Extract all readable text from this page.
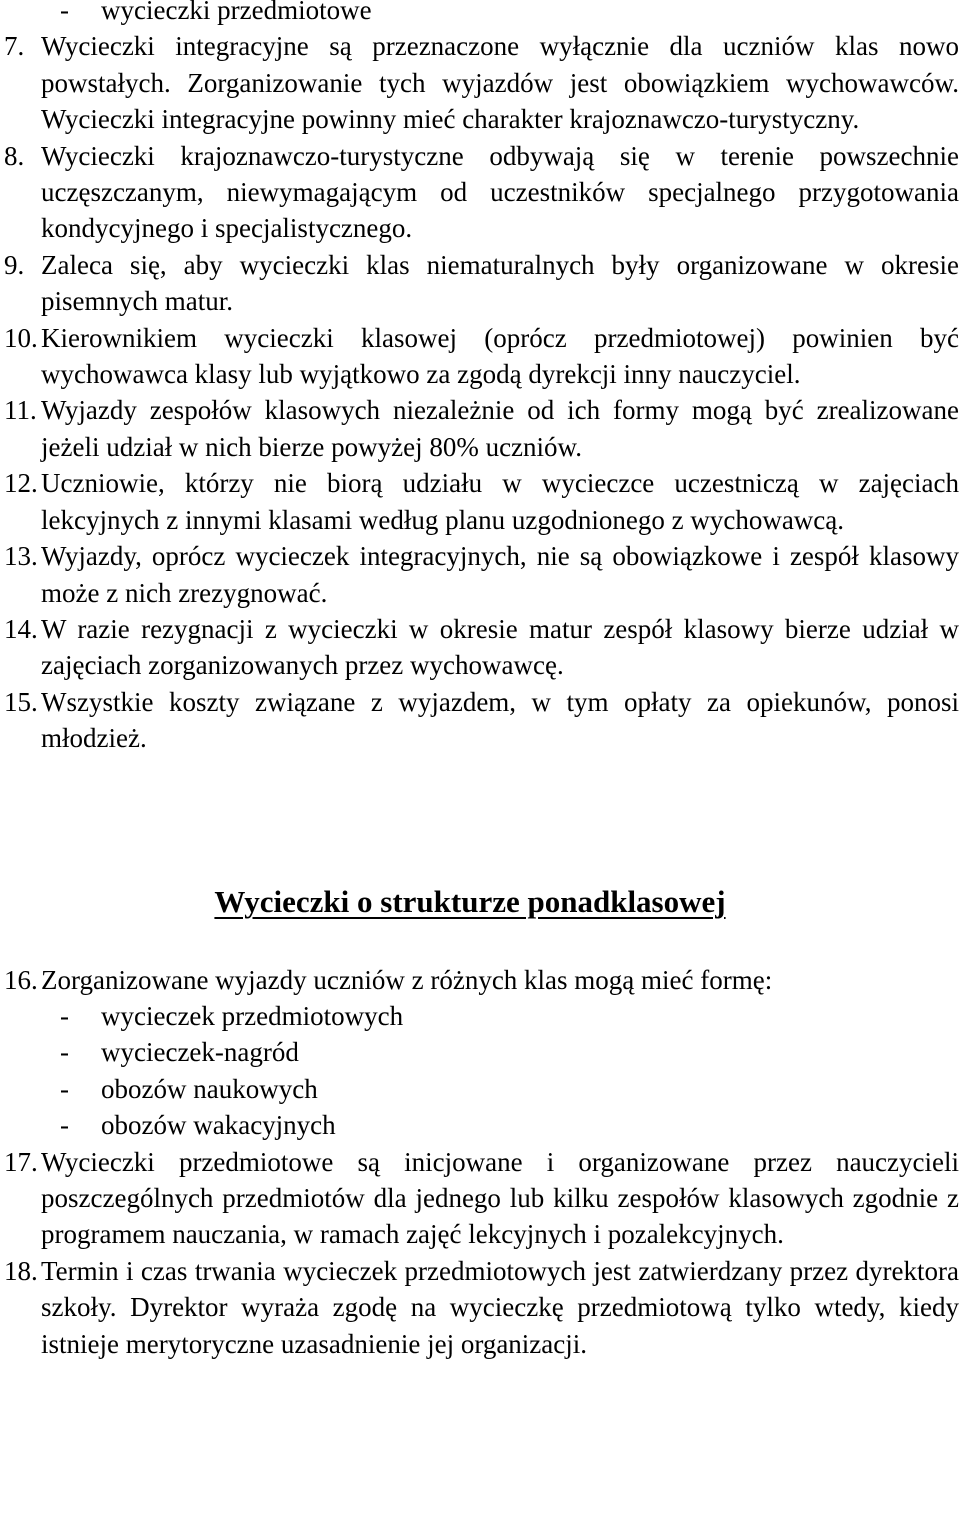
- wycieczki przedmiotowe
7. Wycieczki integracyjne są przeznaczone wyłącznie dla uczniów klas nowo powstałych. Zorganizowanie tych wyjazdów jest obowiązkiem wychowawców. Wycieczki integracyjne powinny mieć charakter krajoznawczo-turystyczny.
8. Wycieczki krajoznawczo-turystyczne odbywają się w terenie powszechnie uczęszczanym, niewymagającym od uczestników specjalnego przygotowania kondycyjnego i specjalistycznego.
9. Zaleca się, aby wycieczki klas niematuralnych były organizowane w okresie pisemnych matur.
10. Kierownikiem wycieczki klasowej (oprócz przedmiotowej) powinien być wychowawca klasy lub wyjątkowo za zgodą dyrekcji inny nauczyciel.
11. Wyjazdy zespołów klasowych niezależnie od ich formy mogą być zrealizowane jeżeli udział w nich bierze powyżej 80% uczniów.
12. Uczniowie, którzy nie biorą udziału w wycieczce uczestniczą w zajęciach lekcyjnych z innymi klasami według planu uzgodnionego z wychowawcą.
13. Wyjazdy, oprócz wycieczek integracyjnych, nie są obowiązkowe i zespół klasowy może z nich zrezygnować.
14. W razie rezygnacji z wycieczki w okresie matur zespół klasowy bierze udział w zajęciach zorganizowanych przez wychowawcę.
15. Wszystkie koszty związane z wyjazdem, w tym opłaty za opiekunów, ponosi młodzież.
Wycieczki o strukturze ponadklasowej
16. Zorganizowane wyjazdy uczniów z różnych klas mogą mieć formę:
- wycieczek przedmiotowych
- wycieczek-nagród
- obozów naukowych
- obozów wakacyjnych
17. Wycieczki przedmiotowe są inicjowane i organizowane przez nauczycieli poszczególnych przedmiotów dla jednego lub kilku zespołów klasowych zgodnie z programem nauczania, w ramach zajęć lekcyjnych i pozalekcyjnych.
18. Termin i czas trwania wycieczek przedmiotowych jest zatwierdzany przez dyrektora szkoły. Dyrektor wyraża zgodę na wycieczkę przedmiotową tylko wtedy, kiedy istnieje merytoryczne uzasadnienie jej organizacji.
